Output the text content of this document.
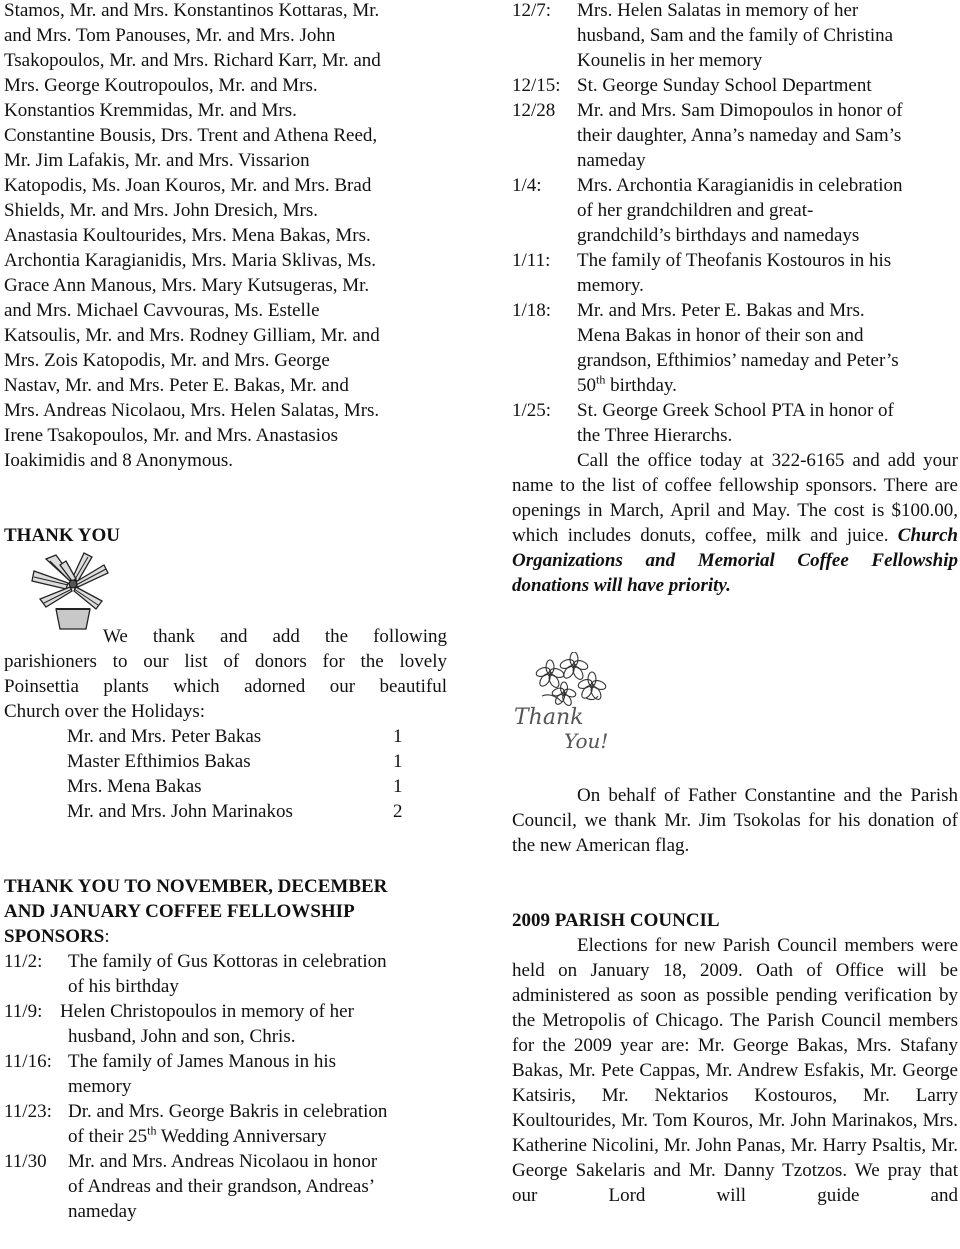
Stamos, Mr. and Mrs. Konstantinos Kottaras, Mr.

and Mrs. Tom Panouses, Mr. and Mrs. John

Tsakopoulos, Mr. and Mrs. Richard Karr, Mr. and

Mrs. George Koutropoulos, Mr. and Mrs.

Konstantios Kremmidas, Mr. and Mrs.

Constantine Bousis, Drs. Trent and Athena Reed,

Mr. Jim Lafakis, Mr. and Mrs. Vissarion

Katopodis, Ms. Joan Kouros, Mr. and Mrs. Brad

Shields, Mr. and Mrs. John Dresich, Mrs.

Anastasia Koultourides, Mrs. Mena Bakas, Mrs.

Archontia Karagianidis, Mrs. Maria Sklivas, Ms.

Grace Ann Manous, Mrs. Mary Kutsugeras, Mr.

and Mrs. Michael Cavvouras, Ms. Estelle

Katsoulis, Mr. and Mrs. Rodney Gilliam, Mr. and

Mrs. Zois Katopodis, Mr. and Mrs. George

Nastav, Mr. and Mrs. Peter E. Bakas, Mr. and

Mrs. Andreas Nicolaou, Mrs. Helen Salatas, Mrs.

Irene Tsakopoulos, Mr. and Mrs. Anastasios

Ioakimidis and 8 Anonymous.

THANK YOU

We thank and add the following

parishioners to our list of donors for the lovely

Poinsettia plants which adorned our beautiful

Church over the Holidays:

Mr. and Mrs. Peter Bakas	1
Master Efthimios Bakas	1
Mrs. Mena Bakas	1
Mr. and Mrs. John Marinakos	2

THANK YOU TO NOVEMBER, DECEMBER

AND JANUARY COFFEE FELLOWSHIP

SPONSORS:

11/2:	The family of Gus Kottoras in celebration

of his birthday

11/9: Helen Christopoulos in memory of her

husband, John and son, Chris.

11/16: The family of James Manous in his

memory

11/23: Dr. and Mrs. George Bakris in celebration

of their 25th Wedding Anniversary

11/30	Mr. and Mrs. Andreas Nicolaou in honor

of Andreas and their grandson, Andreas’

nameday

12/7:	Mrs. Helen Salatas in memory of her

husband, Sam and the family of Christina

Kounelis in her memory

12/15: St. George Sunday School Department

12/28	Mr. and Mrs. Sam Dimopoulos in honor of

their daughter, Anna’s nameday and Sam’s

nameday

1/4:	Mrs. Archontia Karagianidis in celebration

of her grandchildren and great-

grandchild’s birthdays and namedays

1/11:	The family of Theofanis Kostouros in his

memory.

1/18:	Mr. and Mrs. Peter E. Bakas and Mrs.

Mena Bakas in honor of their son and

grandson, Efthimios’ nameday and Peter’s

50th birthday.

1/25:	St. George Greek School PTA in honor of

the Three Hierarchs.

Call the office today at 322-6165 and add your name to the list of coffee fellowship sponsors. There are openings in March, April and May. The cost is $100.00, which includes donuts, coffee, milk and juice. Church Organizations and Memorial Coffee Fellowship donations will have priority.

Thank
You!

On behalf of Father Constantine and the Parish Council, we thank Mr. Jim Tsokolas for his donation of the new American flag.

2009 PARISH COUNCIL

Elections for new Parish Council members were held on January 18, 2009. Oath of Office will be administered as soon as possible pending verification by the Metropolis of Chicago. The Parish Council members for the 2009 year are: Mr. George Bakas, Mrs. Stafany Bakas, Mr. Pete Cappas, Mr. Andrew Esfakis, Mr. George Katsiris, Mr. Nektarios Kostouros, Mr. Larry Koultourides, Mr. Tom Kouros, Mr. John Marinakos, Mrs. Katherine Nicolini, Mr. John Panas, Mr. Harry Psaltis, Mr. George Sakelaris and Mr. Danny Tzotzos. We pray that our Lord will guide and
